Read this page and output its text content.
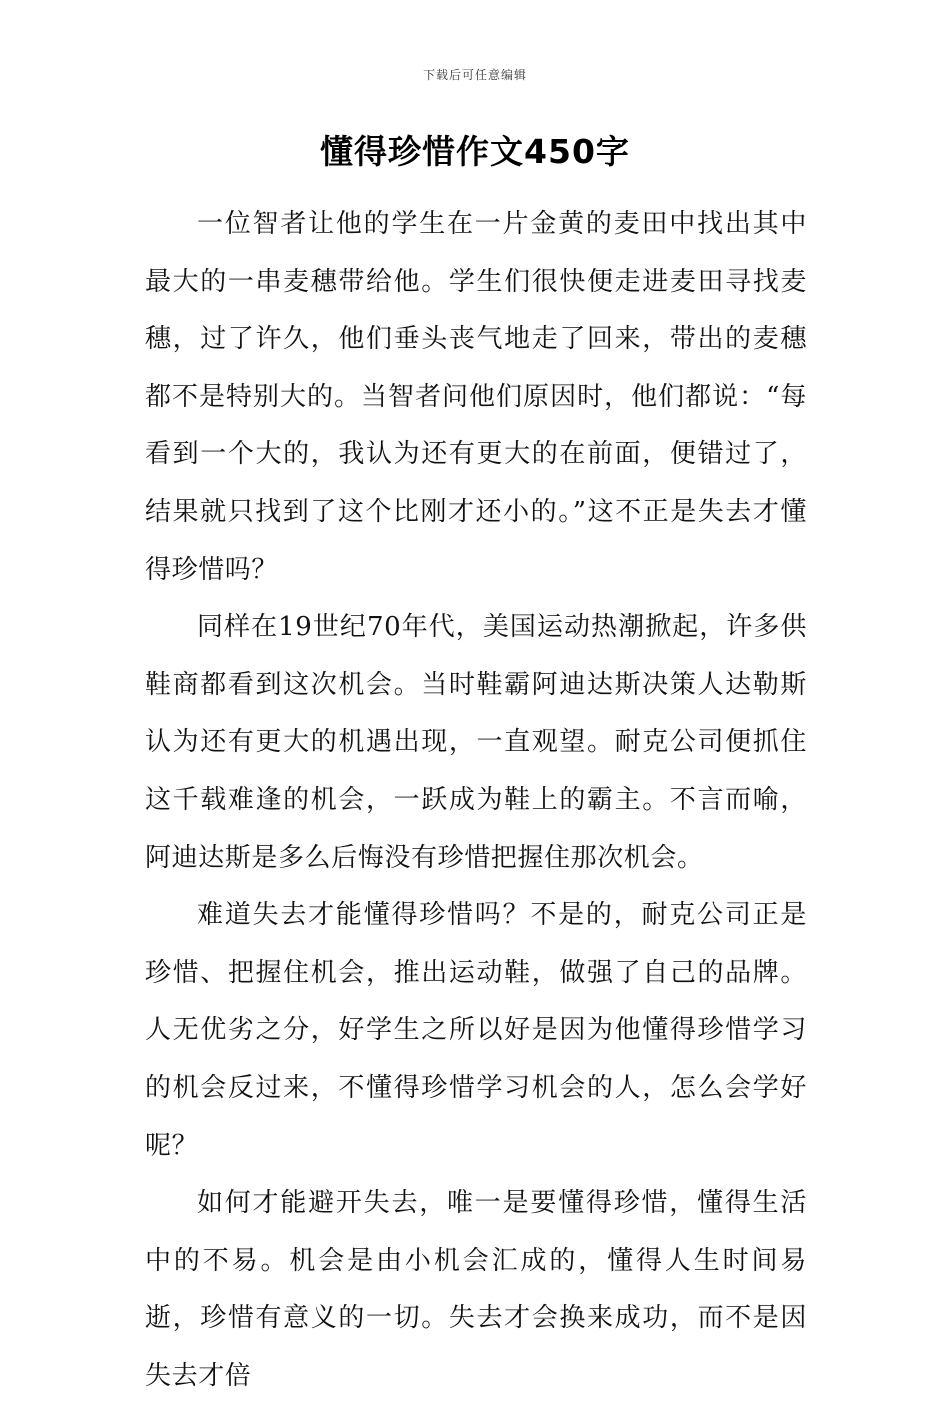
下载后可任意编辑
懂得珍惜作文450字

一位智者让他的学生在一片金黄的麦田中找出其中最大的一串麦穗带给他。学生们很快便走进麦田寻找麦穗，过了许久，他们垂头丧气地走了回来，带出的麦穗都不是特别大的。当智者问他们原因时，他们都说：“每看到一个大的，我认为还有更大的在前面，便错过了，结果就只找到了这个比刚才还小的。”这不正是失去才懂得珍惜吗？

同样在19世纪70年代，美国运动热潮掀起，许多供鞋商都看到这次机会。当时鞋霸阿迪达斯决策人达勒斯认为还有更大的机遇出现，一直观望。耐克公司便抓住这千载难逢的机会，一跃成为鞋上的霸主。不言而喻，阿迪达斯是多么后悔没有珍惜把握住那次机会。

难道失去才能懂得珍惜吗？不是的，耐克公司正是珍惜、把握住机会，推出运动鞋，做强了自己的品牌。人无优劣之分，好学生之所以好是因为他懂得珍惜学习的机会反过来，不懂得珍惜学习机会的人，怎么会学好呢？

如何才能避开失去，唯一是要懂得珍惜，懂得生活中的不易。机会是由小机会汇成的，懂得人生时间易逝，珍惜有意义的一切。失去才会换来成功，而不是因失去才倍
